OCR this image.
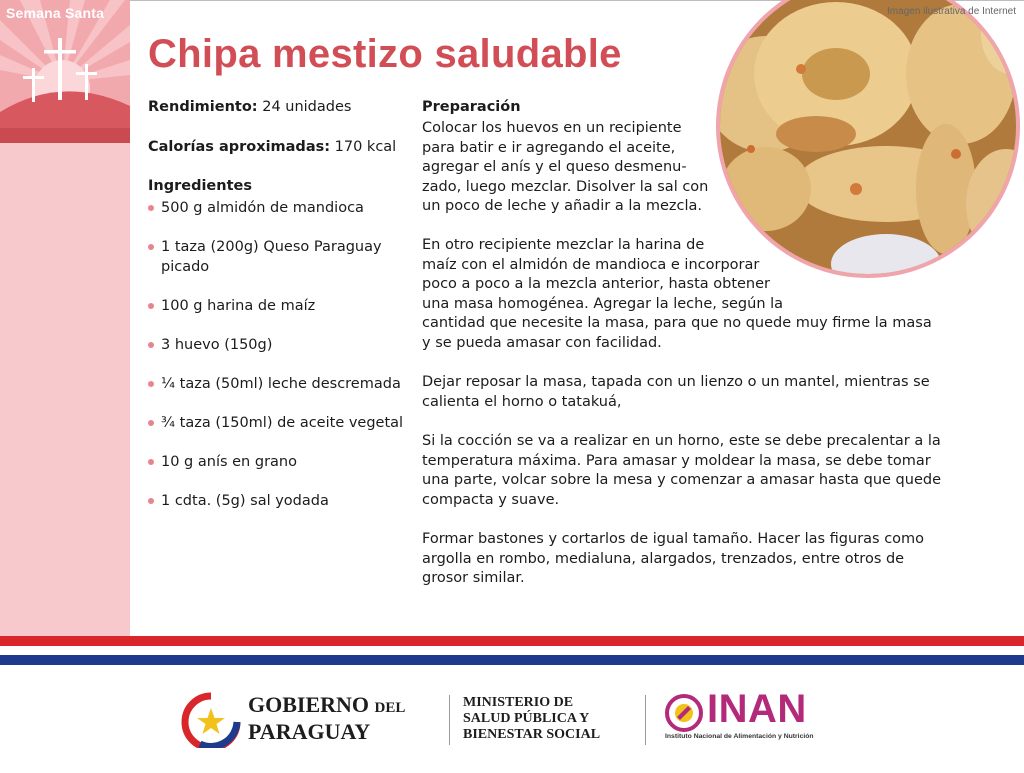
Semana Santa
Chipa mestizo saludable

Imagen ilustrativa de Internet

Rendimiento: 24 unidades

Calorías aproximadas: 170 kcal

Ingredientes
500 g almidón de mandioca
1 taza (200g) Queso Paraguay picado
100 g harina de maíz
3 huevo (150g)
¼ taza (50ml) leche descremada
¾ taza (150ml) de aceite vegetal
10 g anís en grano
1 cdta. (5g) sal yodada
Preparación

Colocar los huevos en un recipiente
para batir e ir agregando el aceite,
agregar el anís y el queso desmenu-
zado, luego mezclar. Disolver la sal con
un poco de leche y añadir a la mezcla.

En otro recipiente mezclar la harina de
maíz con el almidón de mandioca e incorporar
poco a poco a la mezcla anterior, hasta obtener
una masa homogénea. Agregar la leche, según la
cantidad que necesite la masa, para que no quede muy firme la masa
y se pueda amasar con facilidad.

Dejar reposar la masa, tapada con un lienzo o un mantel, mientras se
calienta el horno o tatakuá,

Si la cocción se va a realizar en un horno, este se debe precalentar a la
temperatura máxima. Para amasar y moldear la masa, se debe tomar
una parte, volcar sobre la mesa y comenzar a amasar hasta que quede
compacta y suave.

Formar bastones y cortarlos de igual tamaño. Hacer las figuras como
argolla en rombo, medialuna, alargados, trenzados, entre otros de
grosor similar.

GOBIERNO DEL
PARAGUAY

MINISTERIO DE
SALUD PÚBLICA Y
BIENESTAR SOCIAL

INAN

Instituto Nacional de Alimentación y Nutrición
